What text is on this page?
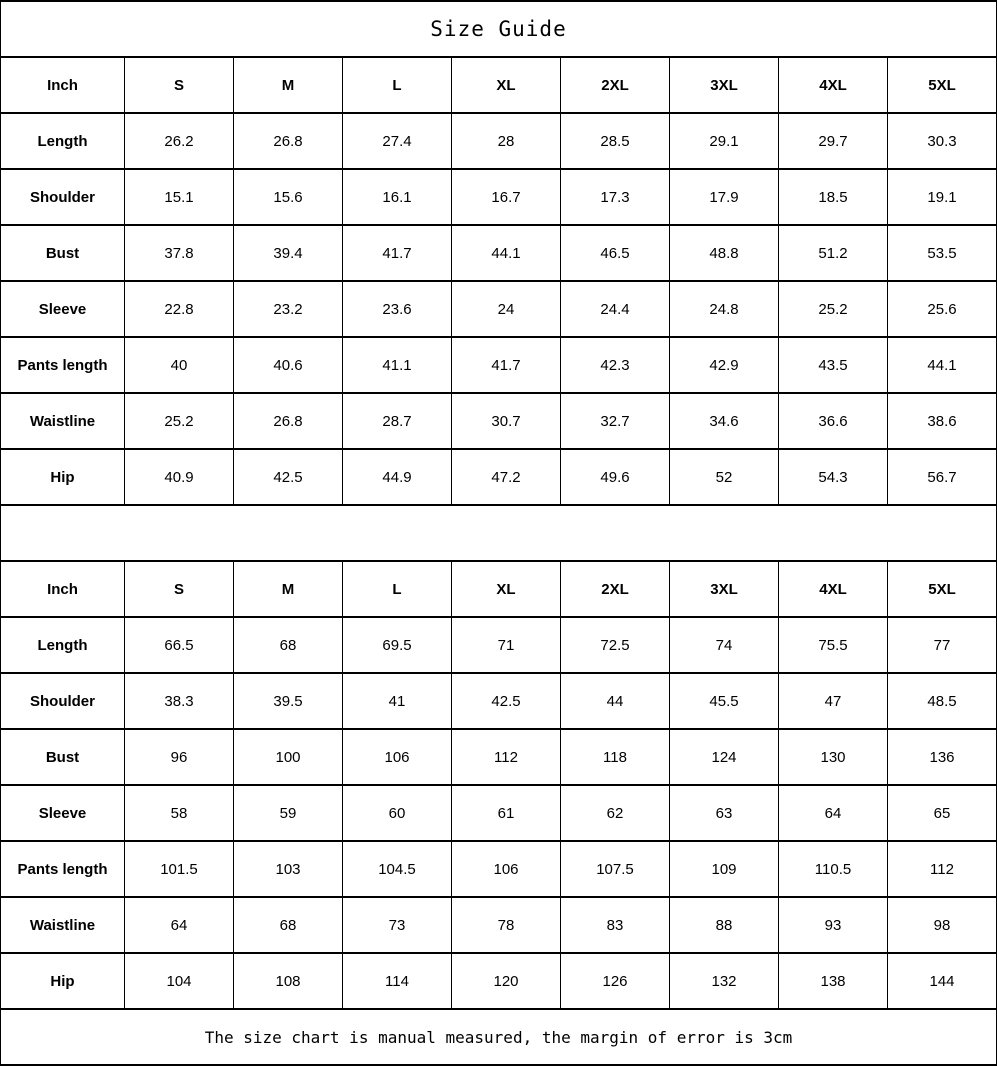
Size Guide								
Inch	S	M	L	XL	2XL	3XL	4XL	5XL
Length	26.2	26.8	27.4	28	28.5	29.1	29.7	30.3
Shoulder	15.1	15.6	16.1	16.7	17.3	17.9	18.5	19.1
Bust	37.8	39.4	41.7	44.1	46.5	48.8	51.2	53.5
Sleeve	22.8	23.2	23.6	24	24.4	24.8	25.2	25.6
Pants length	40	40.6	41.1	41.7	42.3	42.9	43.5	44.1
Waistline	25.2	26.8	28.7	30.7	32.7	34.6	36.6	38.6
Hip	40.9	42.5	44.9	47.2	49.6	52	54.3	56.7

Inch	S	M	L	XL	2XL	3XL	4XL	5XL
Length	66.5	68	69.5	71	72.5	74	75.5	77
Shoulder	38.3	39.5	41	42.5	44	45.5	47	48.5
Bust	96	100	106	112	118	124	130	136
Sleeve	58	59	60	61	62	63	64	65
Pants length	101.5	103	104.5	106	107.5	109	110.5	112
Waistline	64	68	73	78	83	88	93	98
Hip	104	108	114	120	126	132	138	144
The size chart is manual measured, the margin of error is 3cm								
